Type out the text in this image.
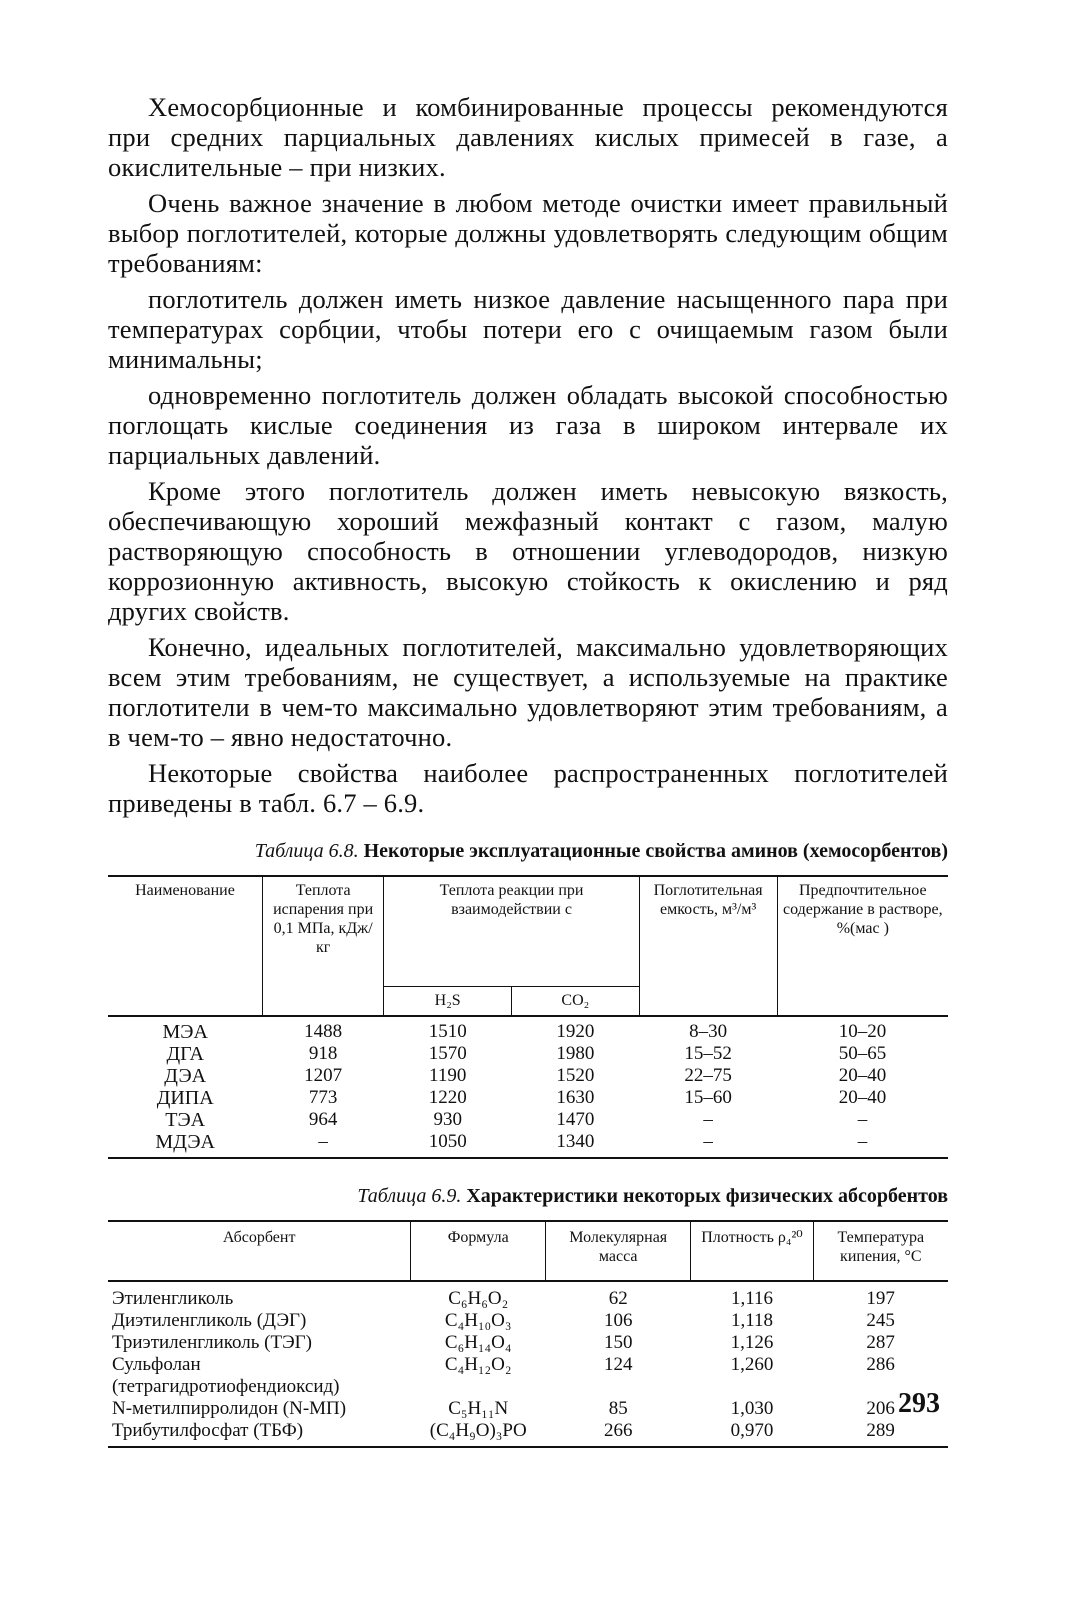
Хемосорбционные и комбинированные процессы рекомендуются при средних парциальных давлениях кислых примесей в газе, а окислительные – при низких.

Очень важное значение в любом методе очистки имеет правильный выбор поглотителей, которые должны удовлетворять следующим общим требованиям:

поглотитель должен иметь низкое давление насыщенного пара при температурах сорбции, чтобы потери его с очищаемым газом были минимальны;

одновременно поглотитель должен обладать высокой способностью поглощать кислые соединения из газа в широком интервале их парциальных давлений.

Кроме этого поглотитель должен иметь невысокую вязкость, обеспечивающую хороший межфазный контакт с газом, малую растворяющую способность в отношении углеводородов, низкую коррозионную активность, высокую стойкость к окислению и ряд других свойств.

Конечно, идеальных поглотителей, максимально удовлетворяющих всем этим требованиям, не существует, а используемые на практике поглотители в чем-то максимально удовлетворяют этим требованиям, а в чем-то – явно недостаточно.

Некоторые свойства наиболее распространенных поглотителей приведены в табл. 6.7 – 6.9.

Таблица 6.8. Некоторые эксплуатационные свойства аминов (хемосорбентов)
Наименование	Теплота испарения при 0,1 МПа, кДж/кг	Теплота реакции при взаимодействии с		Поглотительная емкость, м³/м³	Предпочтительное содержание в растворе, %(мас )
		H₂S	CO₂		
МЭА	1488	1510	1920	8–30	10–20
ДГА	918	1570	1980	15–52	50–65
ДЭА	1207	1190	1520	22–75	20–40
ДИПА	773	1220	1630	15–60	20–40
ТЭА	964	930	1470	–	–
МДЭА	–	1050	1340	–	–
Таблица 6.9. Характеристики некоторых физических абсорбентов
Абсорбент	Формула	Молекулярная масса	Плотность ρ₄²⁰	Температура кипения, °С
Этиленгликоль	C₆H₆O₂	62	1,116	197
Диэтиленгликоль (ДЭГ)	C₄H₁₀O₃	106	1,118	245
Триэтиленгликоль (ТЭГ)	C₆H₁₄O₄	150	1,126	287
Сульфолан (тетрагидротиофендиоксид)	C₄H₁₂O₂	124	1,260	286
N-метилпирролидон (N-МП)	C₅H₁₁N	85	1,030	206
Трибутилфосфат (ТБФ)	(C₄H₉O)₃PO	266	0,970	289
293
